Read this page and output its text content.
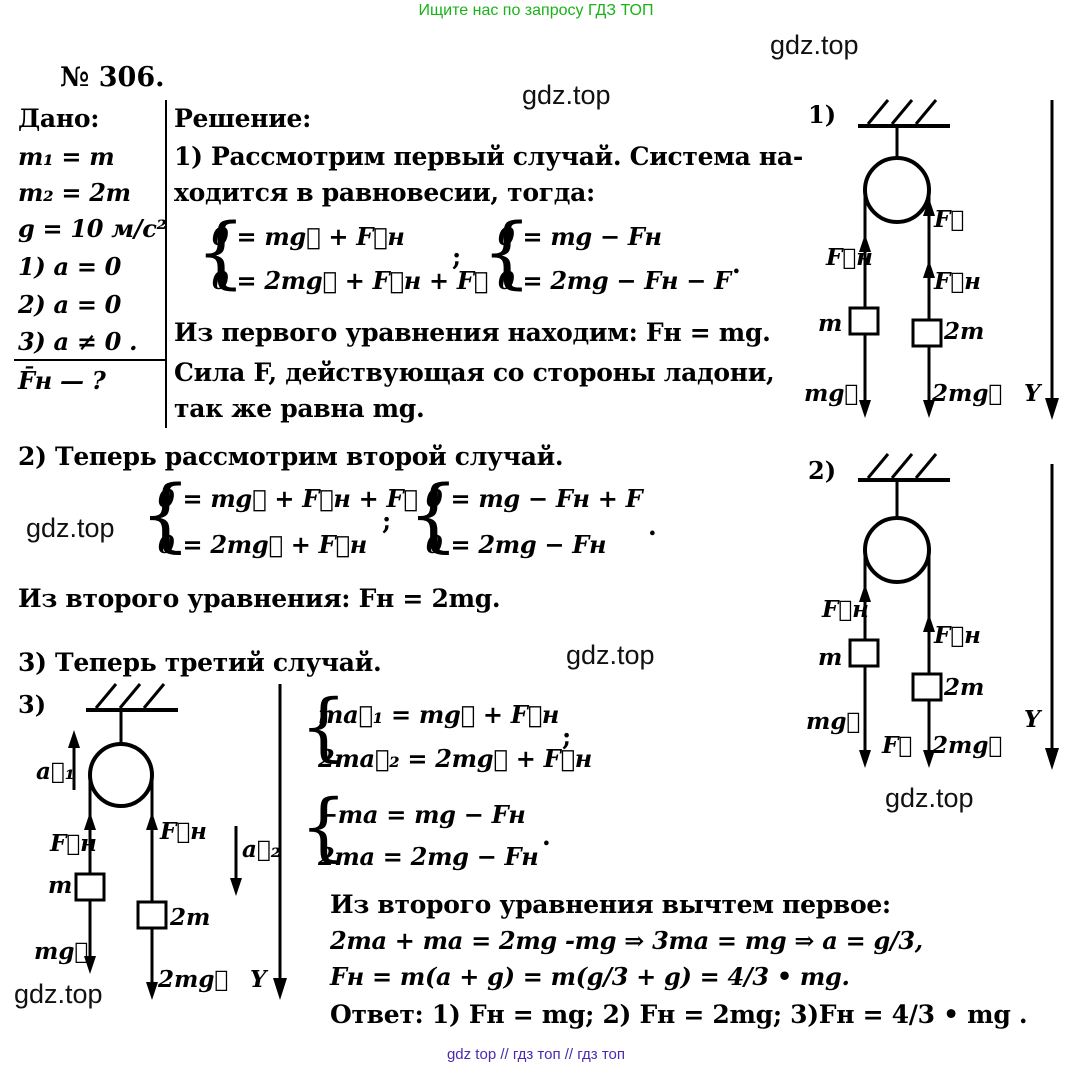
Ищите нас по запросу ГДЗ ТОП
gdz top // гдз топ // гдз топ
gdz.top
gdz.top
gdz.top
gdz.top
gdz.top
gdz.top
№ 306.
Дано:
m₁ = m
m₂ = 2m
g = 10 м/с²
1) a = 0
2) a = 0
3) a ≠ 0 .
F̄н — ?
Решение:
1) Рассмотрим первый случай. Система на-
ходится в равновесии, тогда:
{
0 = mg⃗ + F⃗н
0 = 2mg⃗ + F⃗н + F⃗
; {
0 = mg − Fн
0 = 2mg − Fн − F
.
Из первого уравнения находим: Fн = mg.
Сила F, действующая со стороны ладони,
так же равна mg.
2) Теперь рассмотрим второй случай.
{
0 = mg⃗ + F⃗н + F⃗
0 = 2mg⃗ + F⃗н
; {
0 = mg − Fн + F
0 = 2mg − Fн
.
Из второго уравнения: Fн = 2mg.
3) Теперь третий случай.
{
ma⃗₁ = mg⃗ + F⃗н
2ma⃗₂ = 2mg⃗ + F⃗н
;
{
−ma = mg − Fн
2ma = 2mg − Fн
.
Из второго уравнения вычтем первое:
2ma + ma = 2mg -mg ⇒ 3ma = mg ⇒ a = g/3,
Fн = m(a + g) = m(g/3 + g) = 4/3 • mg.
Ответ: 1) Fн = mg; 2) Fн = 2mg; 3)Fн = 4/3 • mg .
1)
F⃗н
F⃗
F⃗н
m	2m
mg⃗	2mg⃗ Y
2)
F⃗н
F⃗н
m
2m
mg⃗
F⃗ 2mg⃗
Y
3)
a⃗₁
F⃗н	F⃗н
a⃗₂
m
2m
mg⃗
2mg⃗ Y
